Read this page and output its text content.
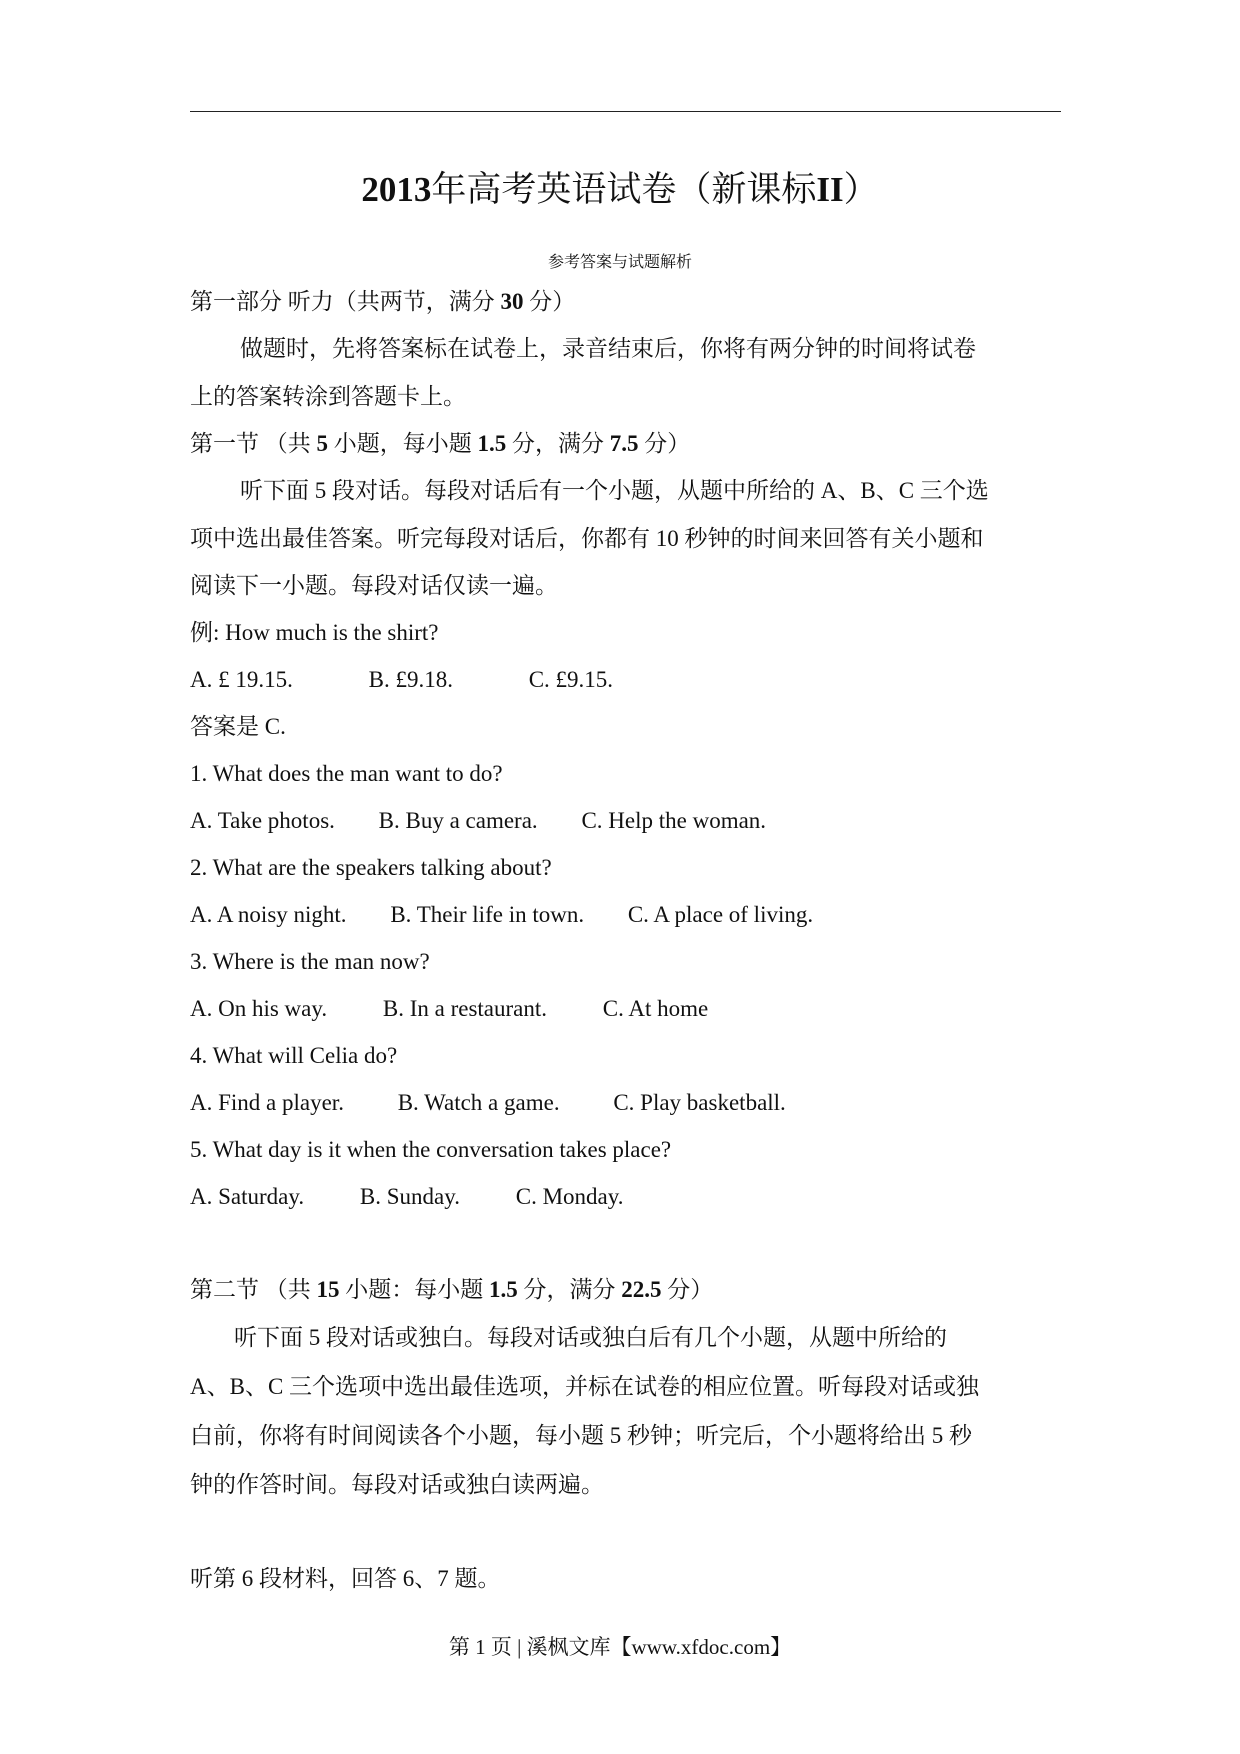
2013年高考英语试卷（新课标II）
参考答案与试题解析
第一部分 听力（共两节，满分 30 分）
做题时，先将答案标在试卷上，录音结束后，你将有两分钟的时间将试卷
上的答案转涂到答题卡上。
第一节 （共 5 小题，每小题 1.5 分，满分 7.5 分）
听下面 5 段对话。每段对话后有一个小题，从题中所给的 A、B、C 三个选
项中选出最佳答案。听完每段对话后，你都有 10 秒钟的时间来回答有关小题和
阅读下一小题。每段对话仅读一遍。
例: How much is the shirt?
A. £ 19.15.	B. £9.18.	C. £9.15.
答案是 C.
1. What does the man want to do?
A. Take photos. B. Buy a camera. C. Help the woman.
2. What are the speakers talking about?
A. A noisy night. B. Their life in town. C. A place of living.
3. Where is the man now?
A. On his way. B. In a restaurant. C. At home
4. What will Celia do?
A. Find a player. B. Watch a game. C. Play basketball.
5. What day is it when the conversation takes place?
A. Saturday. B. Sunday. C. Monday.
第二节 （共 15 小题：每小题 1.5 分，满分 22.5 分）
听下面 5 段对话或独白。每段对话或独白后有几个小题，从题中所给的
A、B、C 三个选项中选出最佳选项，并标在试卷的相应位置。听每段对话或独
白前，你将有时间阅读各个小题，每小题 5 秒钟；听完后，个小题将给出 5 秒
钟的作答时间。每段对话或独白读两遍。
听第 6 段材料，回答 6、7 题。
第 1 页 | 溪枫文库【www.xfdoc.com】
